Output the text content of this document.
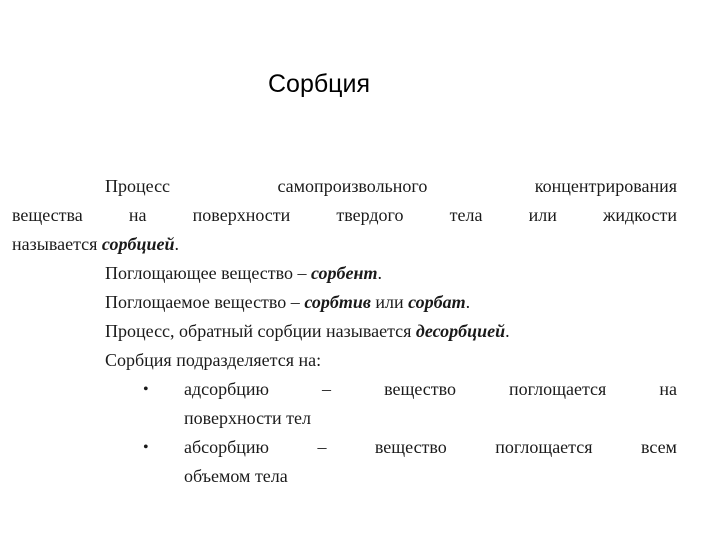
Сорбция
Процесс	самопроизвольного	концентрирования
вещества	на	поверхности	твердого	тела	или	жидкости
называется сорбцией.
Поглощающее вещество – сорбент.
Поглощаемое вещество – сорбтив или сорбат.
Процесс, обратный сорбции называется десорбцией.
Сорбция подразделяется на:
• адсорбцию	–	вещество	поглощается	на
поверхности тел
• абсорбцию	–	вещество	поглощается	всем
объемом тела
